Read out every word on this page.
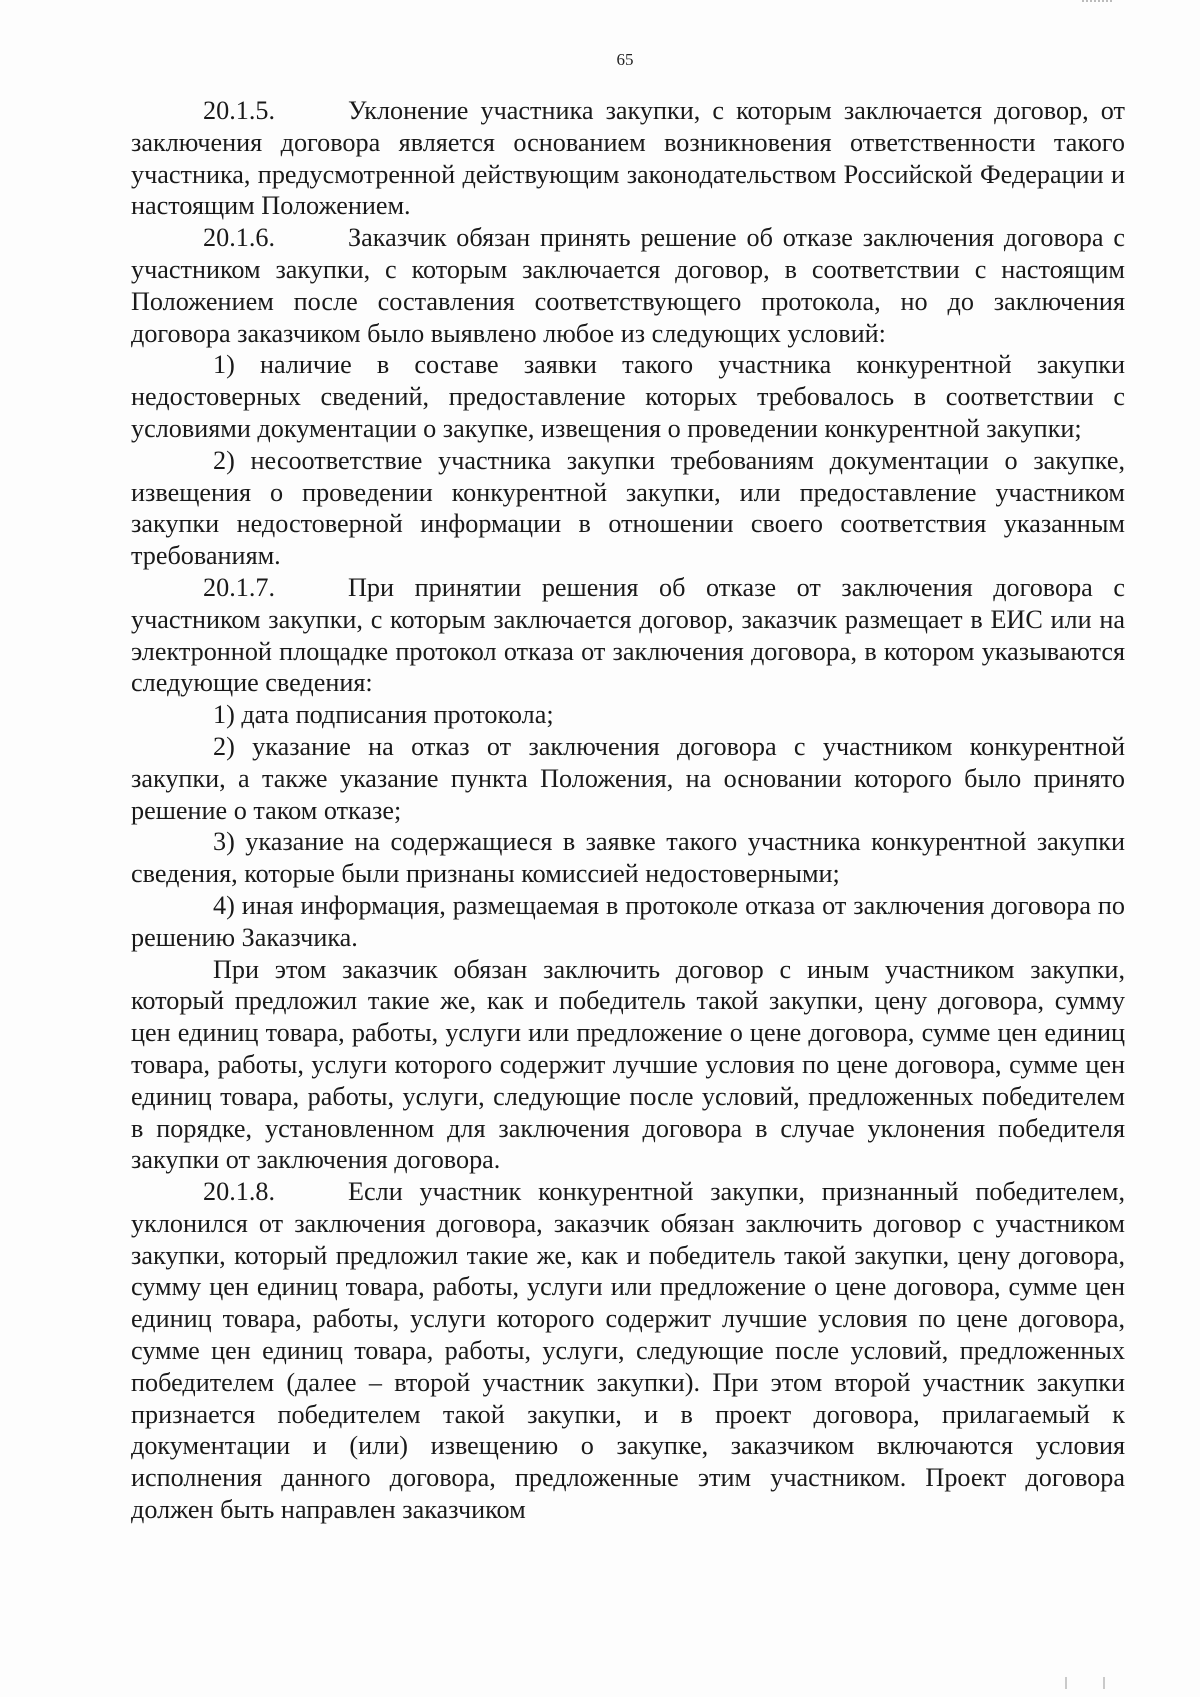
65

20.1.5.	Уклонение участника закупки, с которым заключается договор, от заключения договора является основанием возникновения ответственности такого участника, предусмотренной действующим законодательством Российской Федерации и настоящим Положением.

20.1.6.	Заказчик обязан принять решение об отказе заключения договора с участником закупки, с которым заключается договор, в соответствии с настоящим Положением после составления соответствующего протокола, но до заключения договора заказчиком было выявлено любое из следующих условий:

1) наличие в составе заявки такого участника конкурентной закупки недостоверных сведений, предоставление которых требовалось в соответствии с условиями документации о закупке, извещения о проведении конкурентной закупки;

2) несоответствие участника закупки требованиям документации о закупке, извещения о проведении конкурентной закупки, или предоставление участником закупки недостоверной информации в отношении своего соответствия указанным требованиям.

20.1.7.	При принятии решения об отказе от заключения договора с участником закупки, с которым заключается договор, заказчик размещает в ЕИС или на электронной площадке протокол отказа от заключения договора, в котором указываются следующие сведения:

1) дата подписания протокола;

2) указание на отказ от заключения договора с участником конкурентной закупки, а также указание пункта Положения, на основании которого было принято решение о таком отказе;

3) указание на содержащиеся в заявке такого участника конкурентной закупки сведения, которые были признаны комиссией недостоверными;

4) иная информация, размещаемая в протоколе отказа от заключения договора по решению Заказчика.

При этом заказчик обязан заключить договор с иным участником закупки, который предложил такие же, как и победитель такой закупки, цену договора, сумму цен единиц товара, работы, услуги или предложение о цене договора, сумме цен единиц товара, работы, услуги которого содержит лучшие условия по цене договора, сумме цен единиц товара, работы, услуги, следующие после условий, предложенных победителем в порядке, установленном для заключения договора в случае уклонения победителя закупки от заключения договора.

20.1.8.	Если участник конкурентной закупки, признанный победителем, уклонился от заключения договора, заказчик обязан заключить договор с участником закупки, который предложил такие же, как и победитель такой закупки, цену договора, сумму цен единиц товара, работы, услуги или предложение о цене договора, сумме цен единиц товара, работы, услуги которого содержит лучшие условия по цене договора, сумме цен единиц товара, работы, услуги, следующие после условий, предложенных победителем (далее – второй участник закупки). При этом второй участник закупки признается победителем такой закупки, и в проект договора, прилагаемый к документации и (или) извещению о закупке, заказчиком включаются условия исполнения данного договора, предложенные этим участником. Проект договора должен быть направлен заказчиком
